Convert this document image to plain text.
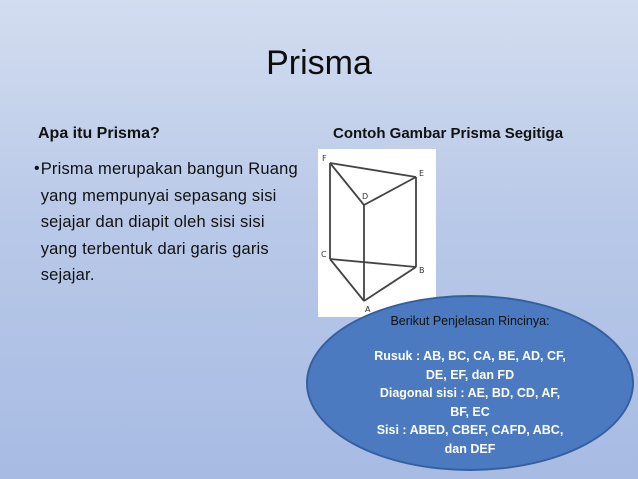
Prisma
Apa itu Prisma?
• Prisma merupakan bangun Ruang yang mempunyai sepasang sisi sejajar dan diapit oleh sisi sisi yang terbentuk dari garis garis sejajar.
Contoh Gambar Prisma Segitiga
F
E
D
C
B
A
Berikut Penjelasan Rincinya:
Rusuk : AB, BC, CA, BE, AD, CF,
DE, EF, dan FD
Diagonal sisi : AE, BD, CD, AF,
BF, EC
Sisi : ABED, CBEF, CAFD, ABC,
dan DEF
